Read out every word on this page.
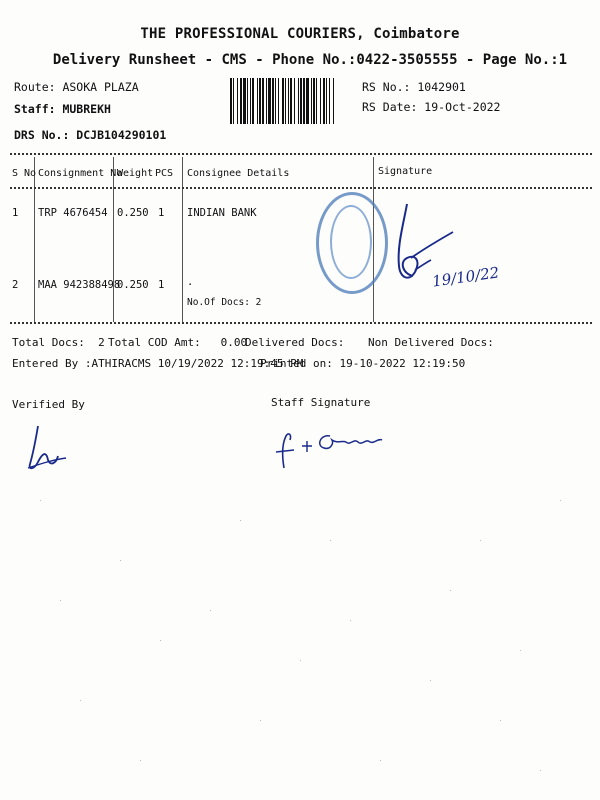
THE PROFESSIONAL COURIERS, Coimbatore
Delivery Runsheet - CMS - Phone No.:0422-3505555 - Page No.:1
Route: ASOKA PLAZA
Staff: MUBREKH
DRS No.: DCJB104290101
RS No.: 1042901
RS Date: 19-Oct-2022
S No Consignment No
Weight PCS Consignee Details	Signature
1 TRP 4676454 0.250 1 INDIAN BANK
2 MAA 942388498
0.250 1 .
No.Of Docs: 2
19/10/22
Total Docs:  2 Total COD Amt:   0.00
Delivered Docs: Non Delivered Docs:
Entered By :ATHIRACMS 10/19/2022 12:19:45 PM
Printed on: 19-10-2022 12:19:50
Verified By	Staff Signature
